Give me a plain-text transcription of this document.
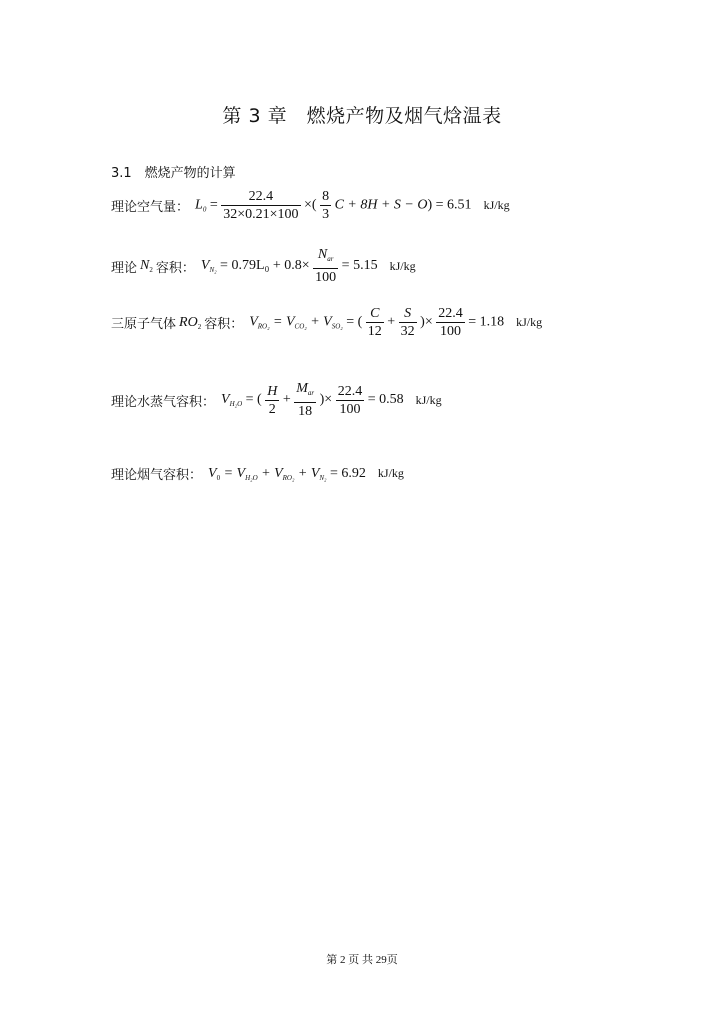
第 3 章　燃烧产物及烟气焓温表
3.1　燃烧产物的计算
理论空气量： $L_0 = \frac{22.4}{32\times 0.21\times 100}$ ×( $\frac{8}{3}$ C + 8H + S − O) = 6.51 kJ/kg
理论 $N_2$ 容积： $V_{N_2} = 0.79L_0 + 0.8\times \frac{N_{ar}}{100} = 5.15$ kJ/kg
三原子气体 $RO_2$ 容积： $V_{RO_2} = V_{CO_2} + V_{SO_2}$ = ( $\frac{C}{12} + \frac{S}{32}$ )× $\frac{22.4}{100} = 1.18$ kJ/kg
理论水蒸气容积： $V_{H_2O}$ = ( $\frac{H}{2} + \frac{M_{ar}}{18}$ )× $\frac{22.4}{100} = 0.58$ kJ/kg
理论烟气容积： $V_0 = V_{H_2O} + V_{RO_2} + V_{N_2} = 6.92$ kJ/kg
第 2 页 共 29页
